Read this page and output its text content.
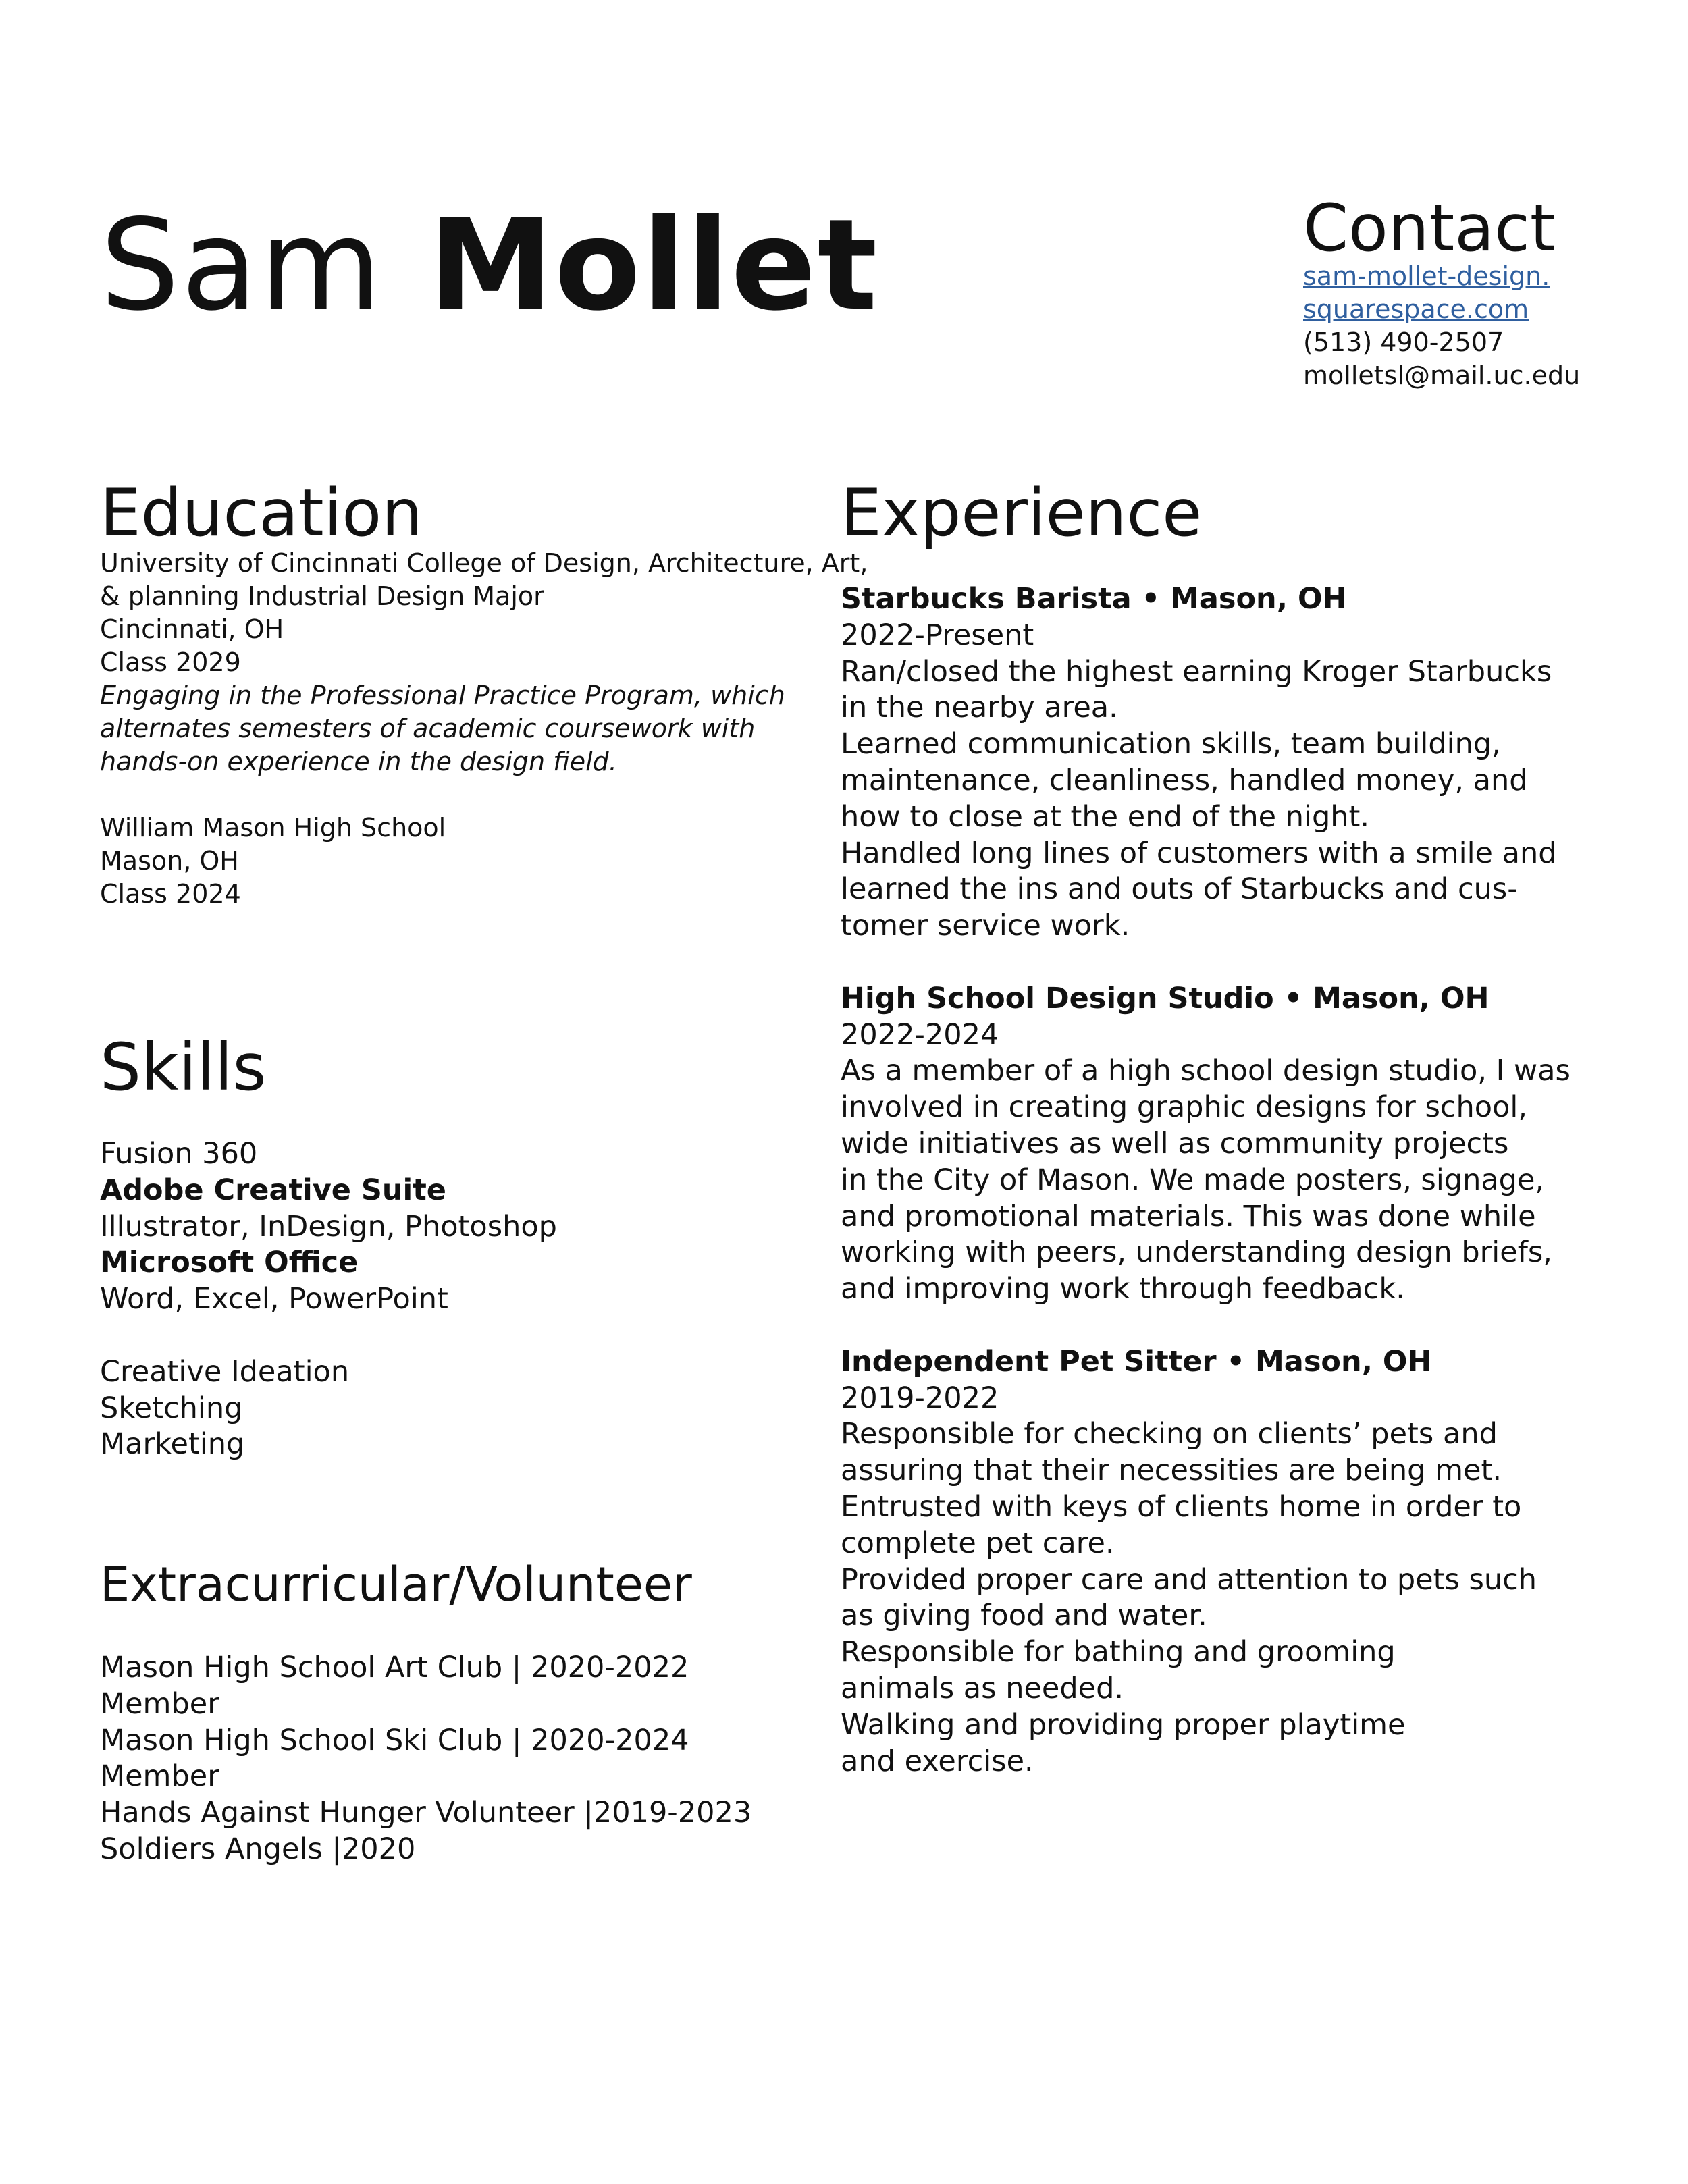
Sam Mollet	Contact
sam-mollet-design.
squarespace.com
(513) 490-2507
molletsl@mail.uc.edu
Education

University of Cincinnati College of Design, Architecture, Art,

& planning Industrial Design Major

Cincinnati, OH

Class 2029

Engaging in the Professional Practice Program, which

alternates semesters of academic coursework with

hands-on experience in the design field.

William Mason High School

Mason, OH

Class 2024

Skills

Fusion 360

Adobe Creative Suite

Illustrator, InDesign, Photoshop

Microsoft Office

Word, Excel, PowerPoint

Creative Ideation

Sketching

Marketing

Extracurricular/Volunteer

Mason High School Art Club | 2020-2022

Member

Mason High School Ski Club | 2020-2024

Member

Hands Against Hunger Volunteer |2019-2023

Soldiers Angels |2020

Experience

Starbucks Barista • Mason, OH

2022-Present

Ran/closed the highest earning Kroger Starbucks

in the nearby area.

Learned communication skills, team building,

maintenance, cleanliness, handled money, and

how to close at the end of the night.

Handled long lines of customers with a smile and

learned the ins and outs of Starbucks and cus-

tomer service work.

High School Design Studio • Mason, OH

2022-2024

As a member of a high school design studio, I was

involved in creating graphic designs for school,

wide initiatives as well as community projects

in the City of Mason. We made posters, signage,

and promotional materials. This was done while

working with peers, understanding design briefs,

and improving work through feedback.

Independent Pet Sitter • Mason, OH

2019-2022

Responsible for checking on clients’ pets and

assuring that their necessities are being met.

Entrusted with keys of clients home in order to

complete pet care.

Provided proper care and attention to pets such

as giving food and water.

Responsible for bathing and grooming

animals as needed.

Walking and providing proper playtime

and exercise.
